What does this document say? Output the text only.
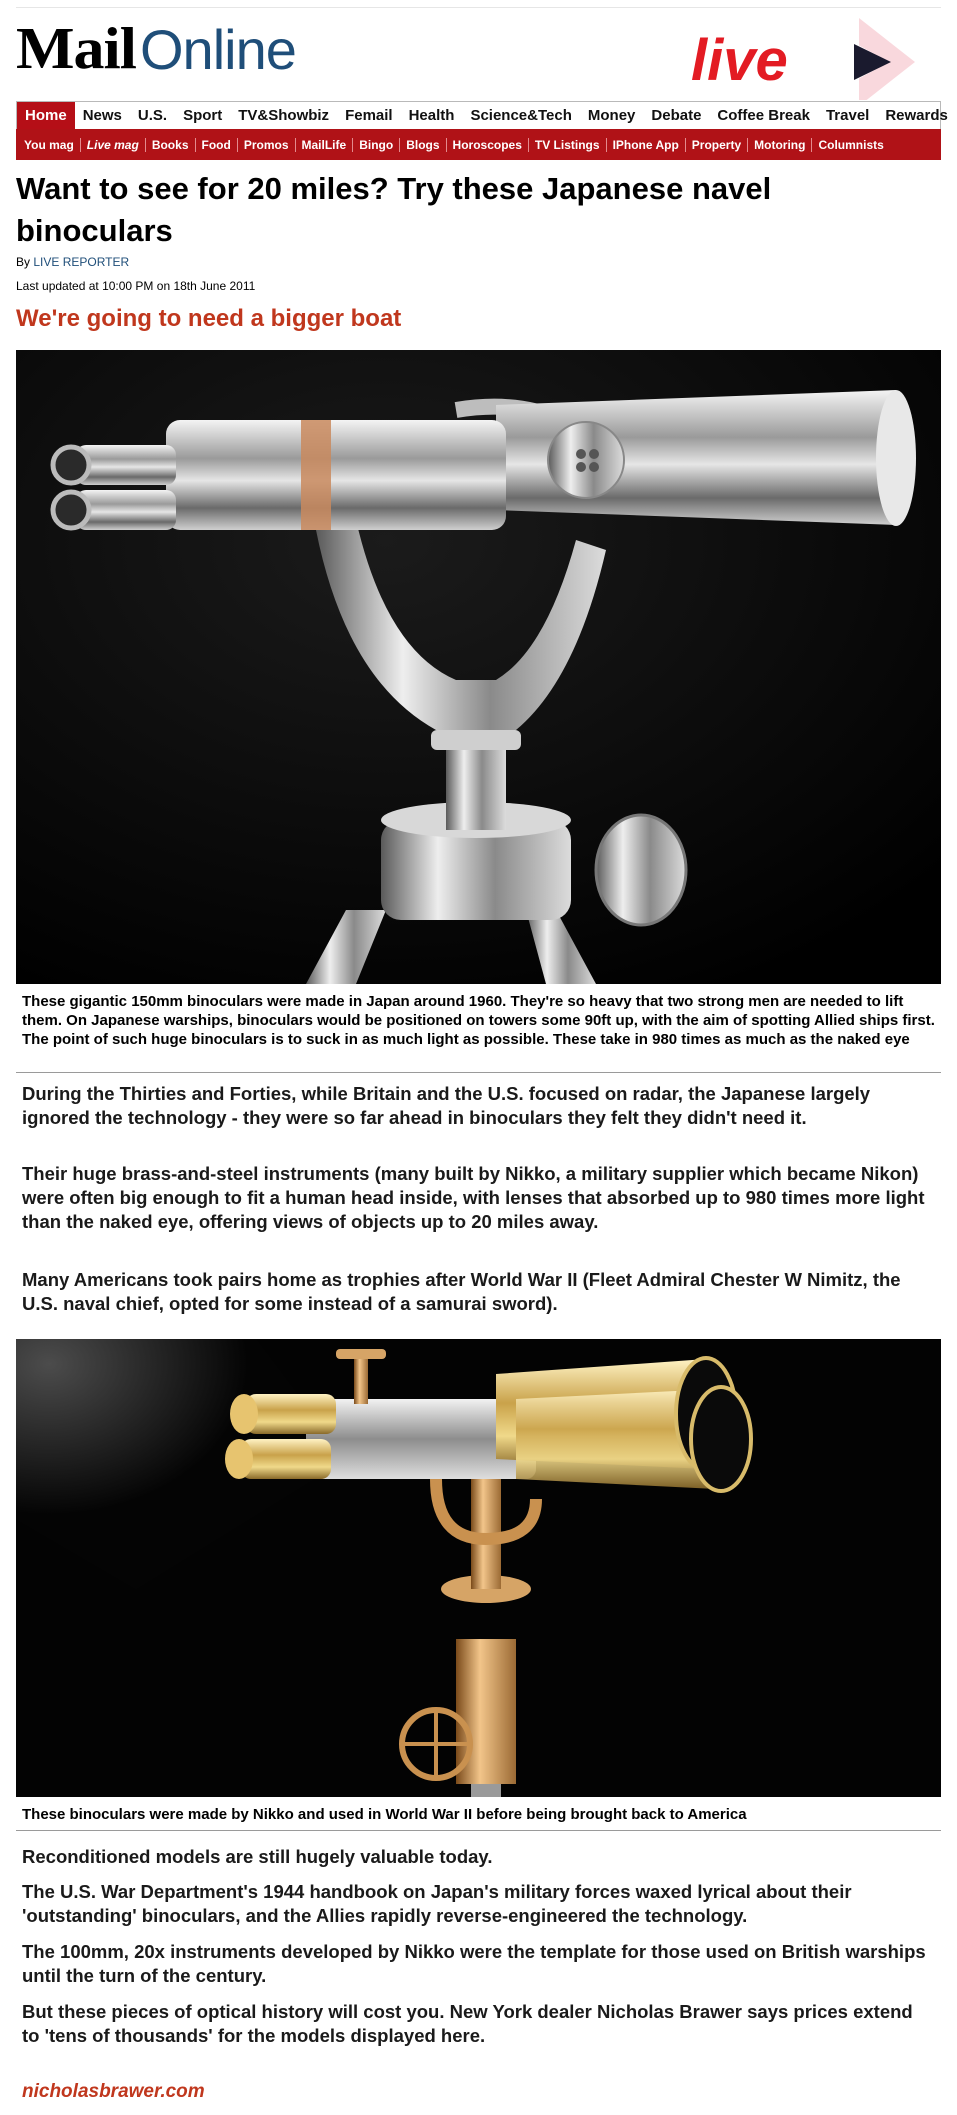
MailOnline	live
Home	News	U.S.	Sport	TV&Showbiz	Femail	Health	Science&Tech	Money	Debate	Coffee Break	Travel	Rewards
You mag	Live mag	Books	Food	Promos	MailLife	Bingo	Blogs	Horoscopes	TV Listings	IPhone App	Property	Motoring	Columnists
Want to see for 20 miles? Try these Japanese navel binoculars
By LIVE REPORTER
Last updated at 10:00 PM on 18th June 2011
We're going to need a bigger boat
These gigantic 150mm binoculars were made in Japan around 1960. They're so heavy that two strong men are needed to lift them. On Japanese warships, binoculars would be positioned on towers some 90ft up, with the aim of spotting Allied ships first. The point of such huge binoculars is to suck in as much light as possible. These take in 980 times as much as the naked eye

During the Thirties and Forties, while Britain and the U.S. focused on radar, the Japanese largely ignored the technology - they were so far ahead in binoculars they felt they didn't need it.

Their huge brass-and-steel instruments (many built by Nikko, a military supplier which became Nikon) were often big enough to fit a human head inside, with lenses that absorbed up to 980 times more light than the naked eye, offering views of objects up to 20 miles away.

Many Americans took pairs home as trophies after World War II (Fleet Admiral Chester W Nimitz, the U.S. naval chief, opted for some instead of a samurai sword).

These binoculars were made by Nikko and used in World War II before being brought back to America

Reconditioned models are still hugely valuable today.

The U.S. War Department's 1944 handbook on Japan's military forces waxed lyrical about their 'outstanding' binoculars, and the Allies rapidly reverse-engineered the technology.

The 100mm, 20x instruments developed by Nikko were the template for those used on British warships until the turn of the century.

But these pieces of optical history will cost you. New York dealer Nicholas Brawer says prices extend to 'tens of thousands' for the models displayed here.

nicholasbrawer.com
